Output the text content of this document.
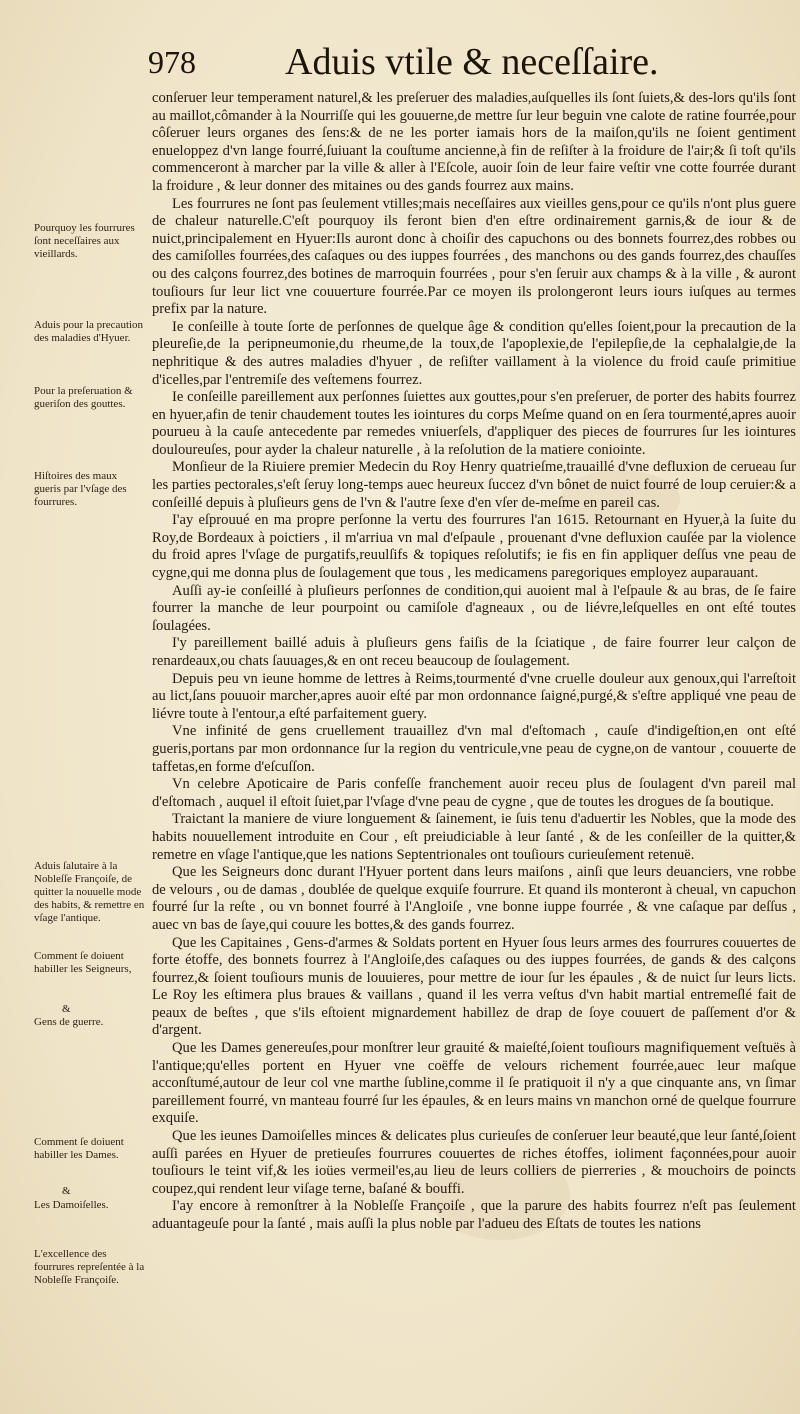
978 Aduis vtile & neceſſaire.
Pourquoy les fourrures ſont neceſſaires aux vieillards.
Aduis pour la precaution des maladies d'Hyuer.
Pour la preſeruation & gueriſon des gouttes.
Hiſtoires des maux gueris par l'vſage des fourrures.
Aduis ſalutaire à la Nobleſſe Françoiſe, de quitter la nouuelle mode des habits, & remettre en vſage l'antique.
Comment ſe doiuent habiller les Seigneurs,
&
Gens de guerre.
Comment ſe doiuent habiller les Dames.
&
Les Damoiſelles.
L'excellence des fourrures repreſentée à la Nobleſſe Françoiſe.

conſeruer leur temperament naturel,& les preſeruer des maladies,auſquelles ils ſont ſuiets,& des-lors qu'ils ſont au maillot,cômander à la Nourriſſe qui les gouuerne,de mettre ſur leur beguin vne calote de ratine fourrée,pour côſeruer leurs organes des ſens:& de ne les porter iamais hors de la maiſon,qu'ils ne ſoient gentiment enueloppez d'vn lange fourré,ſuiuant la couſtume ancienne,à fin de reſiſter à la froidure de l'air;& ſi toſt qu'ils commenceront à marcher par la ville & aller à l'Eſcole, auoir ſoin de leur faire veſtir vne cotte fourrée durant la froidure , & leur donner des mitaines ou des gands fourrez aux mains.

Les fourrures ne ſont pas ſeulement vtilles;mais neceſſaires aux vieilles gens,pour ce qu'ils n'ont plus guere de chaleur naturelle.C'eſt pourquoy ils feront bien d'en eſtre ordinairement garnis,& de iour & de nuict,principalement en Hyuer:Ils auront donc à choiſir des capuchons ou des bonnets fourrez,des robbes ou des camiſolles fourrées,des caſaques ou des iuppes fourrées , des manchons ou des gands fourrez,des chauſſes ou des calçons fourrez,des botines de marroquin fourrées , pour s'en ſeruir aux champs & à la ville , & auront touſiours ſur leur lict vne couuerture fourrée.Par ce moyen ils prolongeront leurs iours iuſques au termes prefix par la nature.

Ie conſeille à toute ſorte de perſonnes de quelque âge & condition qu'elles ſoient,pour la precaution de la pleureſie,de la peripneumonie,du rheume,de la toux,de l'apoplexie,de l'epilepſie,de la cephalalgie,de la nephritique & des autres maladies d'hyuer , de reſiſter vaillament à la violence du froid cauſe primitiue d'icelles,par l'entremiſe des veſtemens fourrez.

Ie conſeille pareillement aux perſonnes ſuiettes aux gouttes,pour s'en preſeruer, de porter des habits fourrez en hyuer,afin de tenir chaudement toutes les iointures du corps Meſme quand on en ſera tourmenté,apres auoir pourueu à la cauſe antecedente par remedes vniuerſels, d'appliquer des pieces de fourrures ſur les iointures douloureuſes, pour ayder la chaleur naturelle , à la reſolution de la matiere coniointe.

Monſieur de la Riuiere premier Medecin du Roy Henry quatrieſme,trauaillé d'vne defluxion de cerueau ſur les parties pectorales,s'eſt ſeruy long-temps auec heureux ſuccez d'vn bônet de nuict fourré de loup ceruier:& a conſeillé depuis à pluſieurs gens de l'vn & l'autre ſexe d'en vſer de-meſme en pareil cas.

I'ay eſprouué en ma propre perſonne la vertu des fourrures l'an 1615. Retournant en Hyuer,à la ſuite du Roy,de Bordeaux à poictiers , il m'arriua vn mal d'eſpaule , prouenant d'vne defluxion cauſée par la violence du froid apres l'vſage de purgatifs,reuulſifs & topiques reſolutifs; ie fis en fin appliquer deſſus vne peau de cygne,qui me donna plus de ſoulagement que tous , les medicamens paregoriques employez auparauant.

Auſſi ay-ie conſeillé à pluſieurs perſonnes de condition,qui auoient mal à l'eſpaule & au bras, de ſe faire fourrer la manche de leur pourpoint ou camiſole d'agneaux , ou de liévre,leſquelles en ont eſté toutes ſoulagées.

I'y pareillement baillé aduis à pluſieurs gens faiſis de la ſciatique , de faire fourrer leur calçon de renardeaux,ou chats ſauuages,& en ont receu beaucoup de ſoulagement.

Depuis peu vn ieune homme de lettres à Reims,tourmenté d'vne cruelle douleur aux genoux,qui l'arreſtoit au lict,ſans pouuoir marcher,apres auoir eſté par mon ordonnance ſaigné,purgé,& s'eſtre appliqué vne peau de liévre toute à l'entour,a eſté parfaitement guery.

Vne infinité de gens cruellement trauaillez d'vn mal d'eſtomach , cauſe d'indigeſtion,en ont eſté gueris,portans par mon ordonnance ſur la region du ventricule,vne peau de cygne,on de vantour , couuerte de taffetas,en forme d'eſcuſſon.

Vn celebre Apoticaire de Paris confeſſe franchement auoir receu plus de ſoulagent d'vn pareil mal d'eſtomach , auquel il eſtoit ſuiet,par l'vſage d'vne peau de cygne , que de toutes les drogues de ſa boutique.

Traictant la maniere de viure longuement & ſainement, ie ſuis tenu d'aduertir les Nobles, que la mode des habits nouuellement introduite en Cour , eſt preiudiciable à leur ſanté , & de les conſeiller de la quitter,& remetre en vſage l'antique,que les nations Septentrionales ont touſiours curieuſement retenuë.

Que les Seigneurs donc durant l'Hyuer portent dans leurs maiſons , ainſi que leurs deuanciers, vne robbe de velours , ou de damas , doublée de quelque exquiſe fourrure. Et quand ils monteront à cheual, vn capuchon fourré ſur la reſte , ou vn bonnet fourré à l'Angloiſe , vne bonne iuppe fourrée , & vne caſaque par deſſus , auec vn bas de ſaye,qui couure les bottes,& des gands fourrez.

Que les Capitaines , Gens-d'armes & Soldats portent en Hyuer ſous leurs armes des fourrures couuertes de forte étoffe, des bonnets fourrez à l'Angloiſe,des caſaques ou des iuppes fourrées, de gands & des calçons fourrez,& ſoient touſiours munis de louuieres, pour mettre de iour ſur les épaules , & de nuict ſur leurs licts. Le Roy les eſtimera plus braues & vaillans , quand il les verra veſtus d'vn habit martial entremeſlé fait de peaux de beſtes , que s'ils eſtoient mignardement habillez de drap de ſoye couuert de paſſement d'or & d'argent.

Que les Dames genereuſes,pour monſtrer leur grauité & maieſté,ſoient touſiours magnifiquement veſtuës à l'antique;qu'elles portent en Hyuer vne coëffe de velours richement fourrée,auec leur maſque acconſtumé,autour de leur col vne marthe ſubline,comme il ſe pratiquoit il n'y a que cinquante ans, vn ſimar pareillement fourré, vn manteau fourré ſur les épaules, & en leurs mains vn manchon orné de quelque fourrure exquiſe.

Que les ieunes Damoiſelles minces & delicates plus curieuſes de conſeruer leur beauté,que leur ſanté,ſoient auſſi parées en Hyuer de pretieuſes fourrures couuertes de riches étoffes, ioliment façonnées,pour auoir touſiours le teint vif,& les ioües vermeil'es,au lieu de leurs colliers de pierreries , & mouchoirs de poincts coupez,qui rendent leur viſage terne, baſané & bouffi.

I'ay encore à remonſtrer à la Nobleſſe Françoiſe , que la parure des habits fourrez n'eſt pas ſeulement aduantageuſe pour la ſanté , mais auſſi la plus noble par l'adueu des Eſtats de toutes les nations
